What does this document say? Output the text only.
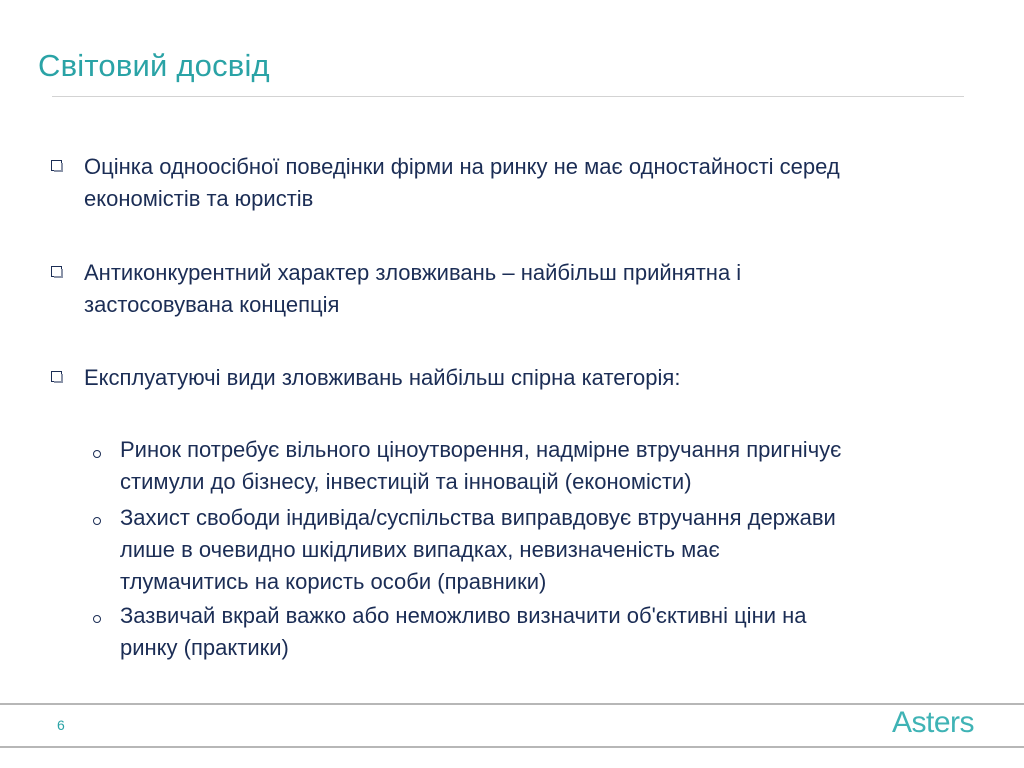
Світовий досвід
Оцінка одноосібної поведінки фірми на ринку не має одностайності серед
економістів та юристів
Антиконкурентний характер зловживань – найбільш прийнятна і
застосовувана концепція
Експлуатуючі види зловживань найбільш спірна категорія:
Ринок потребує вільного ціноутворення, надмірне втручання пригнічує
стимули до бізнесу, інвестицій та інновацій (економісти)
Захист свободи індивіда/суспільства виправдовує втручання держави
лише в очевидно шкідливих випадках, невизначеність має
тлумачитись на користь особи (правники)
Зазвичай вкрай важко або неможливо визначити об'єктивні ціни на
ринку (практики)
6	Asters
